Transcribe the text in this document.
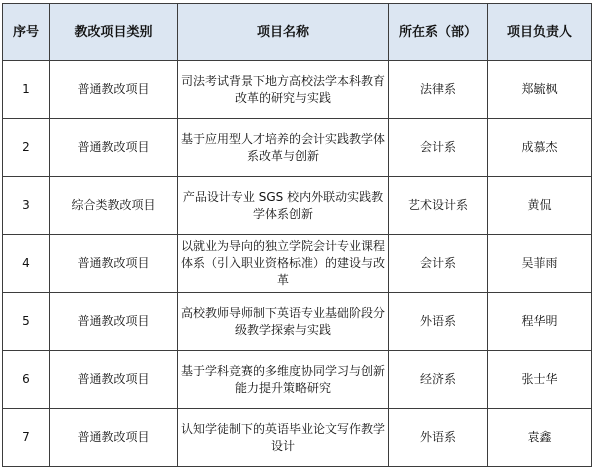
序号	教改项目类别	项目名称	所在系（部）	项目负责人
1	普通教改项目	司法考试背景下地方高校法学本科教育改革的研究与实践	法律系	郑毓枫
2	普通教改项目	基于应用型人才培养的会计实践教学体系改革与创新	会计系	成慕杰
3	综合类教改项目	产品设计专业 SGS 校内外联动实践教学体系创新	艺术设计系	黄侃
4	普通教改项目	以就业为导向的独立学院会计专业课程体系（引入职业资格标准）的建设与改革	会计系	吴菲雨
5	普通教改项目	高校教师导师制下英语专业基础阶段分级教学探索与实践	外语系	程华明
6	普通教改项目	基于学科竞赛的多维度协同学习与创新能力提升策略研究	经济系	张士华
7	普通教改项目	认知学徒制下的英语毕业论文写作教学设计	外语系	袁鑫
